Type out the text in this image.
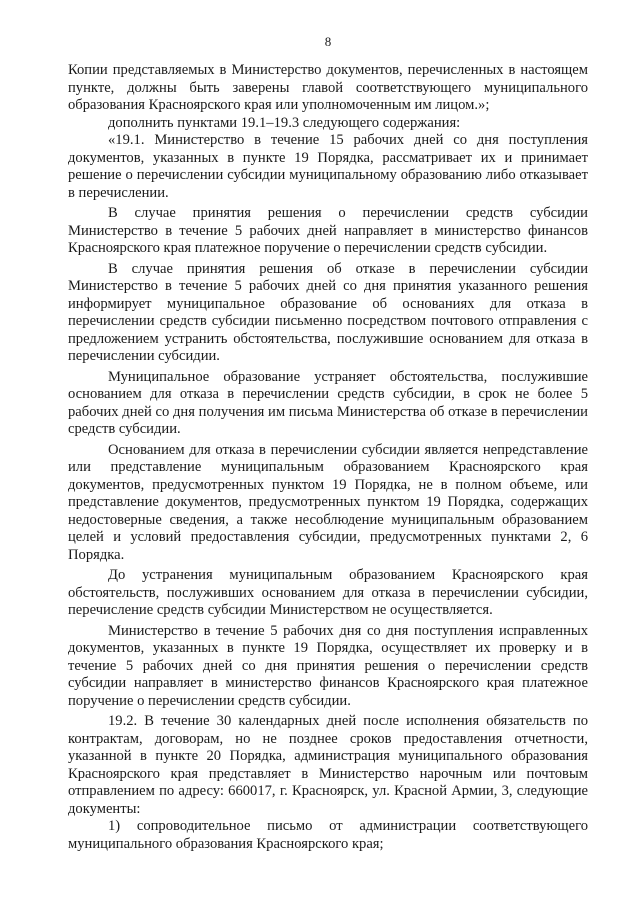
8

Копии представляемых в Министерство документов, перечисленных в настоящем пункте, должны быть заверены главой соответствующего муниципального образования Красноярского края или уполномоченным им лицом.»;

дополнить пунктами 19.1–19.3 следующего содержания:

«19.1. Министерство в течение 15 рабочих дней со дня поступления документов, указанных в пункте 19 Порядка, рассматривает их и принимает решение о перечислении субсидии муниципальному образованию либо отказывает в перечислении.

В случае принятия решения о перечислении средств субсидии Министерство в течение 5 рабочих дней направляет в министерство финансов Красноярского края платежное поручение о перечислении средств субсидии.

В случае принятия решения об отказе в перечислении субсидии Министерство в течение 5 рабочих дней со дня принятия указанного решения информирует муниципальное образование об основаниях для отказа в перечислении средств субсидии письменно посредством почтового отправления с предложением устранить обстоятельства, послужившие основанием для отказа в перечислении субсидии.

Муниципальное образование устраняет обстоятельства, послужившие основанием для отказа в перечислении средств субсидии, в срок не более 5 рабочих дней со дня получения им письма Министерства об отказе в перечислении средств субсидии.

Основанием для отказа в перечислении субсидии является непредставление или представление муниципальным образованием Красноярского края документов, предусмотренных пунктом 19 Порядка, не в полном объеме, или представление документов, предусмотренных пунктом 19 Порядка, содержащих недостоверные сведения, а также несоблюдение муниципальным образованием целей и условий предоставления субсидии, предусмотренных пунктами 2, 6 Порядка.

До устранения муниципальным образованием Красноярского края обстоятельств, послуживших основанием для отказа в перечислении субсидии, перечисление средств субсидии Министерством не осуществляется.

Министерство в течение 5 рабочих дня со дня поступления исправленных документов, указанных в пункте 19 Порядка, осуществляет их проверку и в течение 5 рабочих дней со дня принятия решения о перечислении средств субсидии направляет в министерство финансов Красноярского края платежное поручение о перечислении средств субсидии.

19.2. В течение 30 календарных дней после исполнения обязательств по контрактам, договорам, но не позднее сроков предоставления отчетности, указанной в пункте 20 Порядка, администрация муниципального образования Красноярского края представляет в Министерство нарочным или почтовым отправлением по адресу: 660017, г. Красноярск, ул. Красной Армии, 3, следующие документы:

1) сопроводительное письмо от администрации соответствующего муниципального образования Красноярского края;
